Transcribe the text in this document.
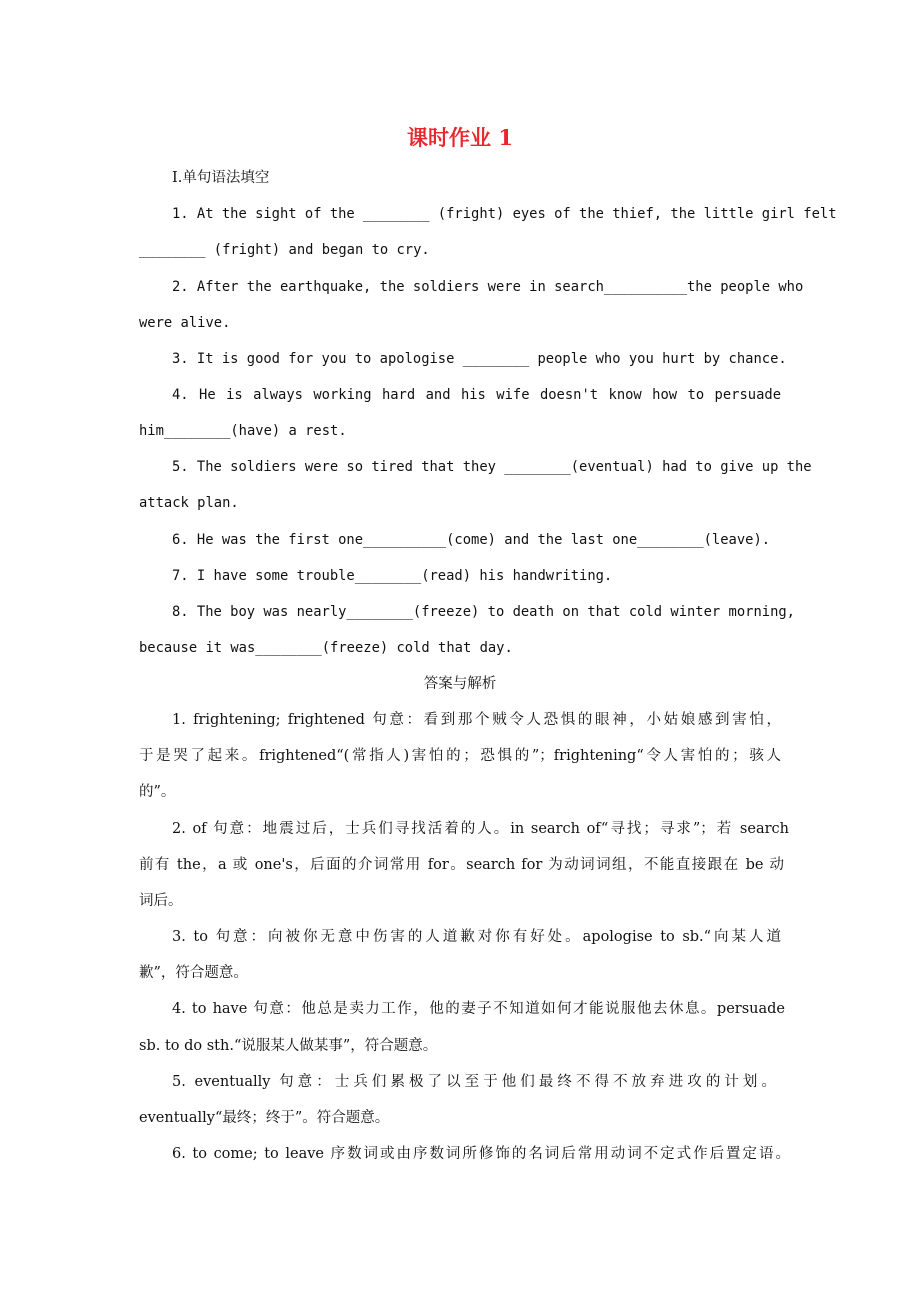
课时作业 1
Ⅰ.单句语法填空
1. At the sight of the ________ (fright) eyes of the thief, the little girl felt
________ (fright) and began to cry.
2. After the earthquake, the soldiers were in search__________the people who
were alive.
3. It is good for you to apologise ________ people who you hurt by chance.
4. He is always working hard and his wife doesn't know how to persuade
him________(have) a rest.
5. The soldiers were so tired that they ________(eventual) had to give up the
attack plan.
6. He was the first one__________(come) and the last one________(leave).
7. I have some trouble________(read) his handwriting.
8. The boy was nearly________(freeze) to death on that cold winter morning,
because it was________(freeze) cold that day.
答案与解析
1. frightening; frightened 句意：看到那个贼令人恐惧的眼神，小姑娘感到害怕，
于是哭了起来。frightened“(常指人)害怕的；恐惧的”；frightening“令人害怕的；骇人
的”。
2. of 句意：地震过后，士兵们寻找活着的人。in search of“寻找；寻求”；若 search
前有 the，a 或 one's，后面的介词常用 for。search for 为动词词组，不能直接跟在 be 动
词后。
3. to 句意：向被你无意中伤害的人道歉对你有好处。apologise to sb.“向某人道
歉”，符合题意。
4. to have 句意：他总是卖力工作，他的妻子不知道如何才能说服他去休息。persuade
sb. to do sth.“说服某人做某事”，符合题意。
5. eventually 句意：士兵们累极了以至于他们最终不得不放弃进攻的计划。
eventually“最终；终于”。符合题意。
6. to come; to leave 序数词或由序数词所修饰的名词后常用动词不定式作后置定语。
